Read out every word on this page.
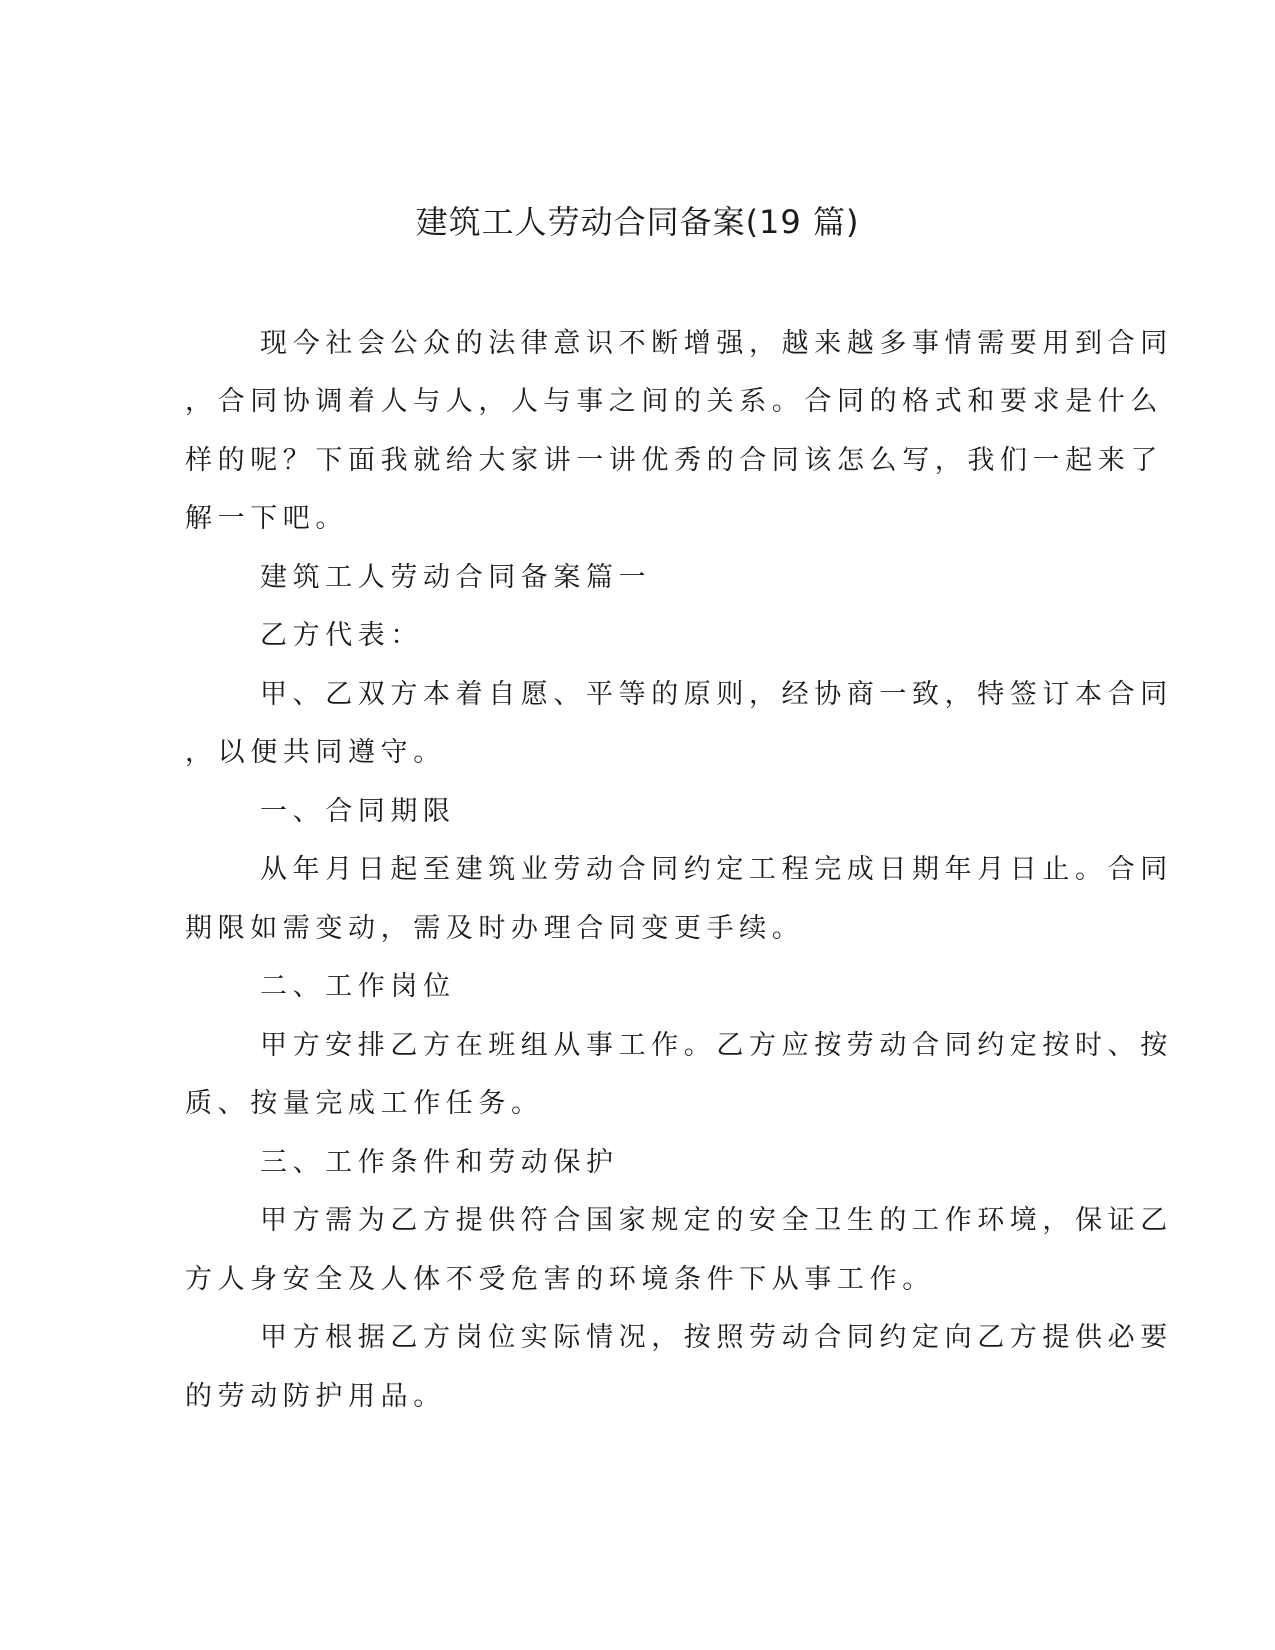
建筑工人劳动合同备案(19 篇)
现今社会公众的法律意识不断增强，越来越多事情需要用到合同
，合同协调着人与人，人与事之间的关系。合同的格式和要求是什么
样的呢？下面我就给大家讲一讲优秀的合同该怎么写，我们一起来了
解一下吧。
建筑工人劳动合同备案篇一
乙方代表：
甲、乙双方本着自愿、平等的原则，经协商一致，特签订本合同
，以便共同遵守。
一、合同期限
从年月日起至建筑业劳动合同约定工程完成日期年月日止。合同
期限如需变动，需及时办理合同变更手续。
二、工作岗位
甲方安排乙方在班组从事工作。乙方应按劳动合同约定按时、按
质、按量完成工作任务。
三、工作条件和劳动保护
甲方需为乙方提供符合国家规定的安全卫生的工作环境，保证乙
方人身安全及人体不受危害的环境条件下从事工作。
甲方根据乙方岗位实际情况，按照劳动合同约定向乙方提供必要
的劳动防护用品。
